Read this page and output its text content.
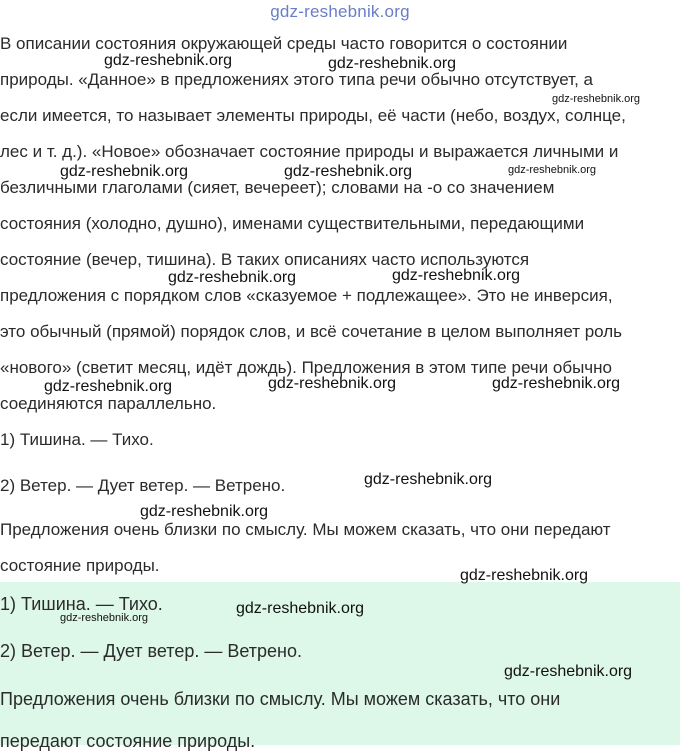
gdz-reshebnik.org

В описании состояния окружающей среды часто говорится о состоянии

природы. «Данное» в предложениях этого типа речи обычно отсутствует, а

если имеется, то называет элементы природы, её части (небо, воздух, солнце,

лес и т. д.). «Новое» обозначает состояние природы и выражается личными и

безличными глаголами (сияет, вечереет); словами на -о со значением

состояния (холодно, душно), именами существительными, передающими

состояние (вечер, тишина). В таких описаниях часто используются

предложения с порядком слов «сказуемое + подлежащее». Это не инверсия,

это обычный (прямой) порядок слов, и всё сочетание в целом выполняет роль

«нового» (светит месяц, идёт дождь). Предложения в этом типе речи обычно

соединяются параллельно.

1) Тишина. — Тихо.

2) Ветер. — Дует ветер. — Ветрено.

Предложения очень близки по смыслу. Мы можем сказать, что они передают

состояние природы.

1) Тишина. — Тихо.

2) Ветер. — Дует ветер. — Ветрено.

Предложения очень близки по смыслу. Мы можем сказать, что они

передают состояние природы.

gdz-reshebnik.org	gdz-reshebnik.org
gdz-reshebnik.org
gdz-reshebnik.org	gdz-reshebnik.org	gdz-reshebnik.org
gdz-reshebnik.org	gdz-reshebnik.org
gdz-reshebnik.org	gdz-reshebnik.org	gdz-reshebnik.org
gdz-reshebnik.org
gdz-reshebnik.org
gdz-reshebnik.org
gdz-reshebnik.org
gdz-reshebnik.org
gdz-reshebnik.org
